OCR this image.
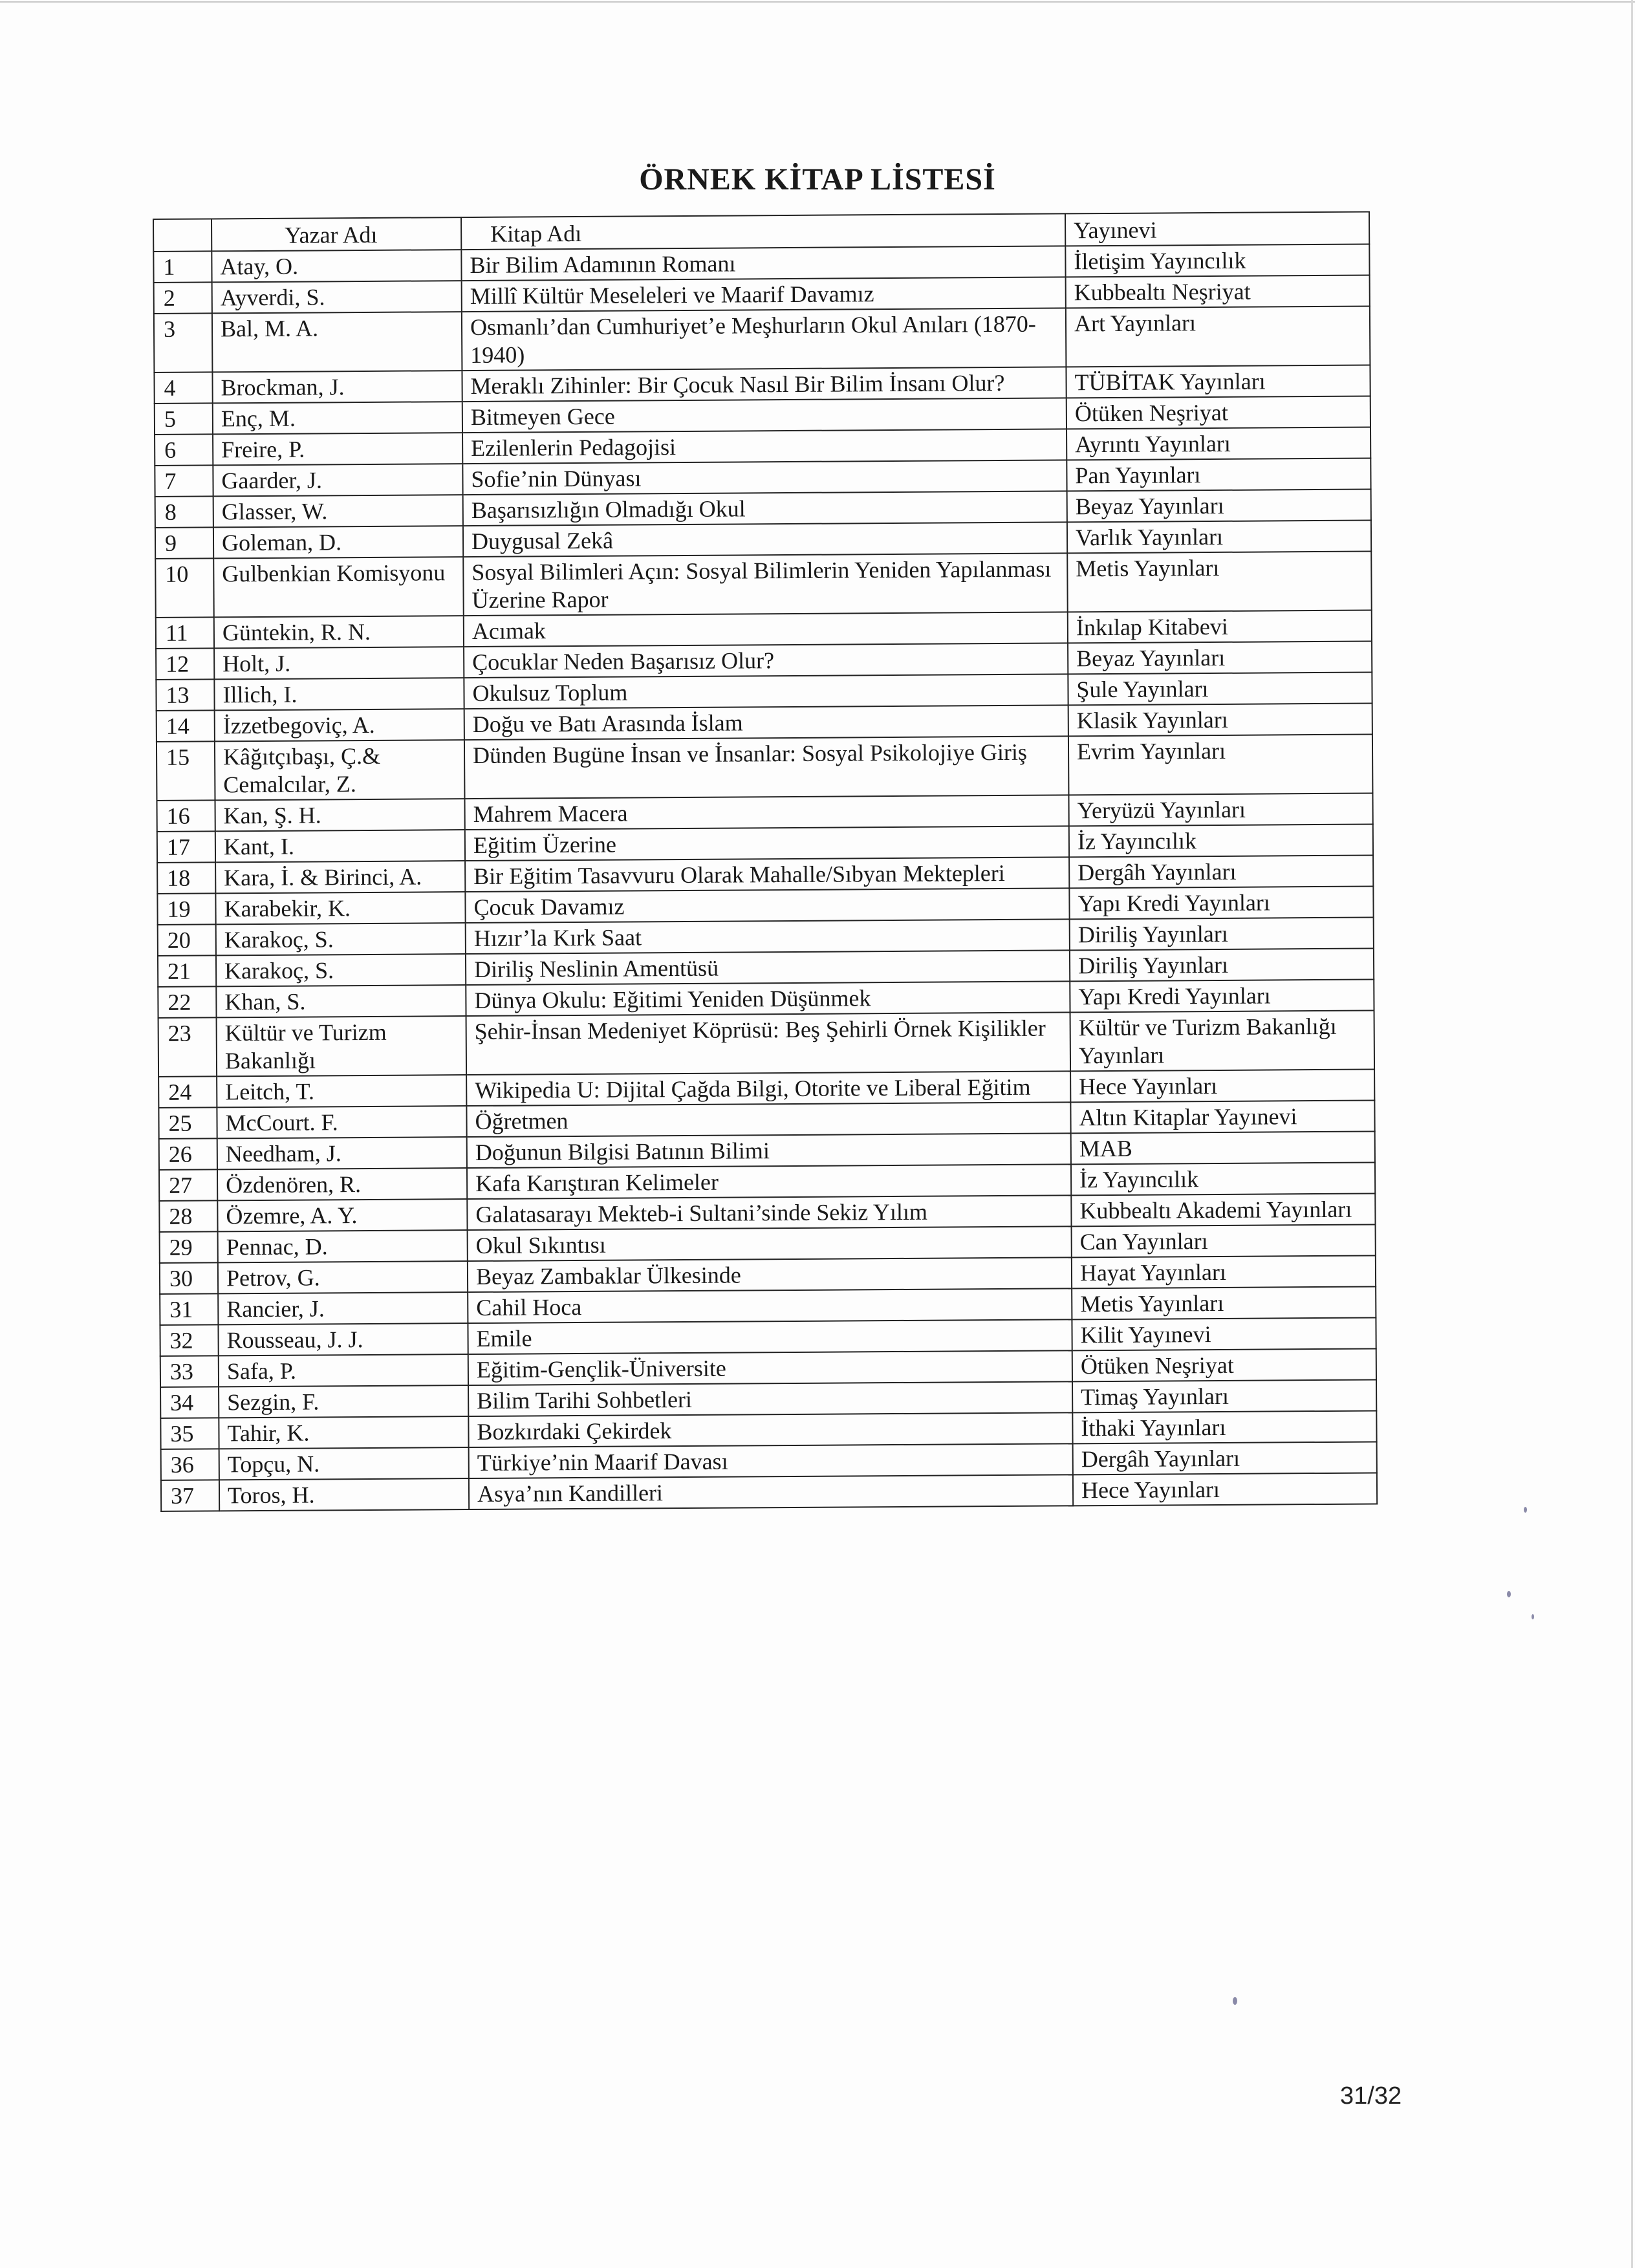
ÖRNEK KİTAP LİSTESİ
	Yazar Adı	Kitap Adı	Yayınevi
1	Atay, O.	Bir Bilim Adamının Romanı	İletişim Yayıncılık
2	Ayverdi, S.	Millî Kültür Meseleleri ve Maarif Davamız	Kubbealtı Neşriyat
3	Bal, M. A.	Osmanlı’dan Cumhuriyet’e Meşhurların Okul Anıları (1870-1940)	Art Yayınları
4	Brockman, J.	Meraklı Zihinler: Bir Çocuk Nasıl Bir Bilim İnsanı Olur?	TÜBİTAK Yayınları
5	Enç, M.	Bitmeyen Gece	Ötüken Neşriyat
6	Freire, P.	Ezilenlerin Pedagojisi	Ayrıntı Yayınları
7	Gaarder, J.	Sofie’nin Dünyası	Pan Yayınları
8	Glasser, W.	Başarısızlığın Olmadığı Okul	Beyaz Yayınları
9	Goleman, D.	Duygusal Zekâ	Varlık Yayınları
10	Gulbenkian Komisyonu	Sosyal Bilimleri Açın: Sosyal Bilimlerin Yeniden Yapılanması Üzerine Rapor	Metis Yayınları
11	Güntekin, R. N.	Acımak	İnkılap Kitabevi
12	Holt, J.	Çocuklar Neden Başarısız Olur?	Beyaz Yayınları
13	Illich, I.	Okulsuz Toplum	Şule Yayınları
14	İzzetbegoviç, A.	Doğu ve Batı Arasında İslam	Klasik Yayınları
15	Kâğıtçıbaşı, Ç.& Cemalcılar, Z.	Dünden Bugüne İnsan ve İnsanlar: Sosyal Psikolojiye Giriş	Evrim Yayınları
16	Kan, Ş. H.	Mahrem Macera	Yeryüzü Yayınları
17	Kant, I.	Eğitim Üzerine	İz Yayıncılık
18	Kara, İ. & Birinci, A.	Bir Eğitim Tasavvuru Olarak Mahalle/Sıbyan Mektepleri	Dergâh Yayınları
19	Karabekir, K.	Çocuk Davamız	Yapı Kredi Yayınları
20	Karakoç, S.	Hızır’la Kırk Saat	Diriliş Yayınları
21	Karakoç, S.	Diriliş Neslinin Amentüsü	Diriliş Yayınları
22	Khan, S.	Dünya Okulu: Eğitimi Yeniden Düşünmek	Yapı Kredi Yayınları
23	Kültür ve Turizm Bakanlığı	Şehir-İnsan Medeniyet Köprüsü: Beş Şehirli Örnek Kişilikler	Kültür ve Turizm Bakanlığı Yayınları
24	Leitch, T.	Wikipedia U: Dijital Çağda Bilgi, Otorite ve Liberal Eğitim	Hece Yayınları
25	McCourt. F.	Öğretmen	Altın Kitaplar Yayınevi
26	Needham, J.	Doğunun Bilgisi Batının Bilimi	MAB
27	Özdenören, R.	Kafa Karıştıran Kelimeler	İz Yayıncılık
28	Özemre, A. Y.	Galatasarayı Mekteb-i Sultani’sinde Sekiz Yılım	Kubbealtı Akademi Yayınları
29	Pennac, D.	Okul Sıkıntısı	Can Yayınları
30	Petrov, G.	Beyaz Zambaklar Ülkesinde	Hayat Yayınları
31	Rancier, J.	Cahil Hoca	Metis Yayınları
32	Rousseau, J. J.	Emile	Kilit Yayınevi
33	Safa, P.	Eğitim-Gençlik-Üniversite	Ötüken Neşriyat
34	Sezgin, F.	Bilim Tarihi Sohbetleri	Timaş Yayınları
35	Tahir, K.	Bozkırdaki Çekirdek	İthaki Yayınları
36	Topçu, N.	Türkiye’nin Maarif Davası	Dergâh Yayınları
37	Toros, H.	Asya’nın Kandilleri	Hece Yayınları
31/32
